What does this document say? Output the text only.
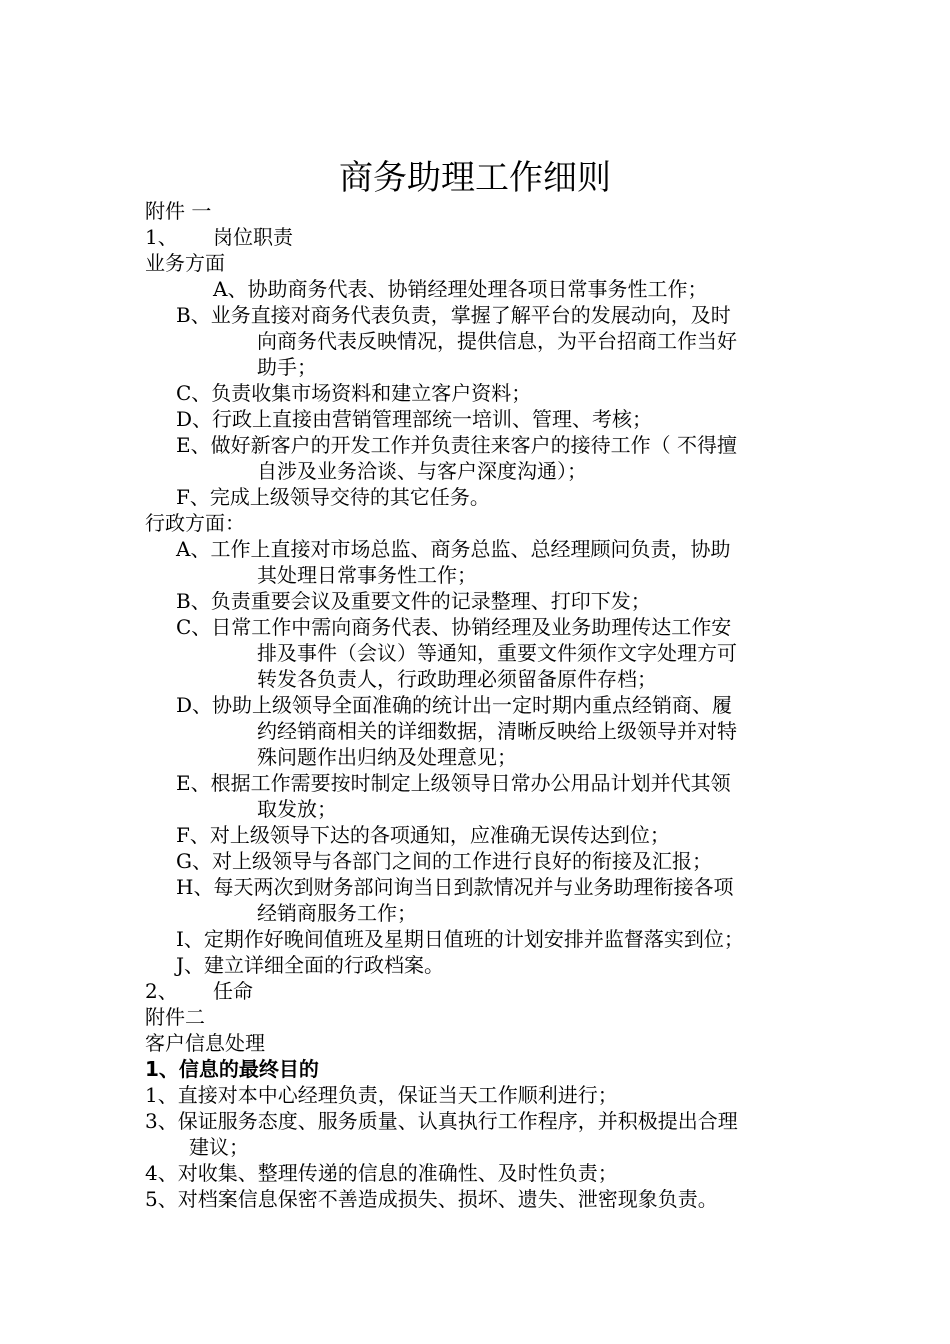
商务助理工作细则
附件 一
1、 岗位职责
业务方面
A、协助商务代表、协销经理处理各项日常事务性工作；
B、业务直接对商务代表负责，掌握了解平台的发展动向，及时
向商务代表反映情况，提供信息，为平台招商工作当好
助手；
C、负责收集市场资料和建立客户资料；
D、行政上直接由营销管理部统一培训、管理、考核；
E、做好新客户的开发工作并负责往来客户的接待工作（ 不得擅
自涉及业务洽谈、与客户深度沟通）；
F、完成上级领导交待的其它任务。
行政方面：
A、工作上直接对市场总监、商务总监、总经理顾问负责，协助
其处理日常事务性工作；
B、负责重要会议及重要文件的记录整理、打印下发；
C、日常工作中需向商务代表、协销经理及业务助理传达工作安
排及事件（会议）等通知，重要文件须作文字处理方可
转发各负责人，行政助理必须留备原件存档；
D、协助上级领导全面准确的统计出一定时期内重点经销商、履
约经销商相关的详细数据，清晰反映给上级领导并对特
殊问题作出归纳及处理意见；
E、根据工作需要按时制定上级领导日常办公用品计划并代其领
取发放；
F、对上级领导下达的各项通知，应准确无误传达到位；
G、对上级领导与各部门之间的工作进行良好的衔接及汇报；
H、每天两次到财务部问询当日到款情况并与业务助理衔接各项
经销商服务工作；
I、定期作好晚间值班及星期日值班的计划安排并监督落实到位；
J、建立详细全面的行政档案。
2、 任命
附件二
客户信息处理
1、信息的最终目的
1、直接对本中心经理负责，保证当天工作顺利进行；
3、保证服务态度、服务质量、认真执行工作程序，并积极提出合理
建议；
4、对收集、整理传递的信息的准确性、及时性负责；
5、对档案信息保密不善造成损失、损坏、遗失、泄密现象负责。
